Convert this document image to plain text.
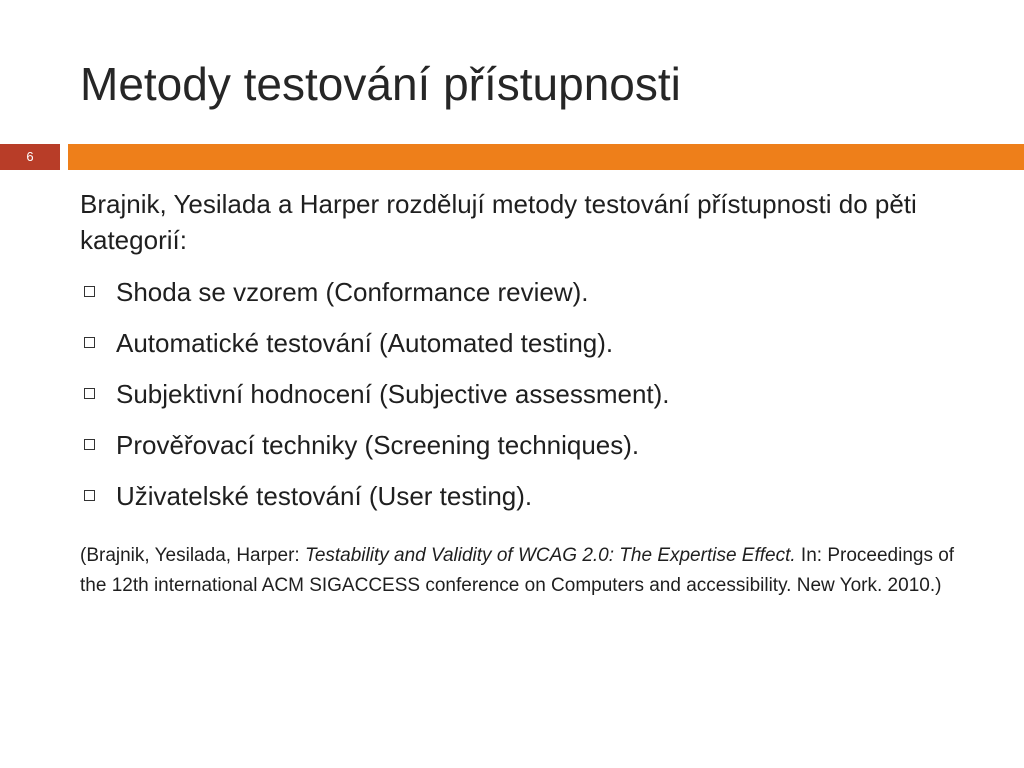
Metody testování přístupnosti
6

Brajnik, Yesilada a Harper rozdělují metody testování přístupnosti do pěti kategorií:

Shoda se vzorem (Conformance review).
Automatické testování (Automated testing).
Subjektivní hodnocení (Subjective assessment).
Prověřovací techniky (Screening techniques).
Uživatelské testování (User testing).
(Brajnik, Yesilada, Harper: Testability and Validity of WCAG 2.0: The Expertise Effect. In: Proceedings of the 12th international ACM SIGACCESS conference on Computers and accessibility. New York. 2010.)
